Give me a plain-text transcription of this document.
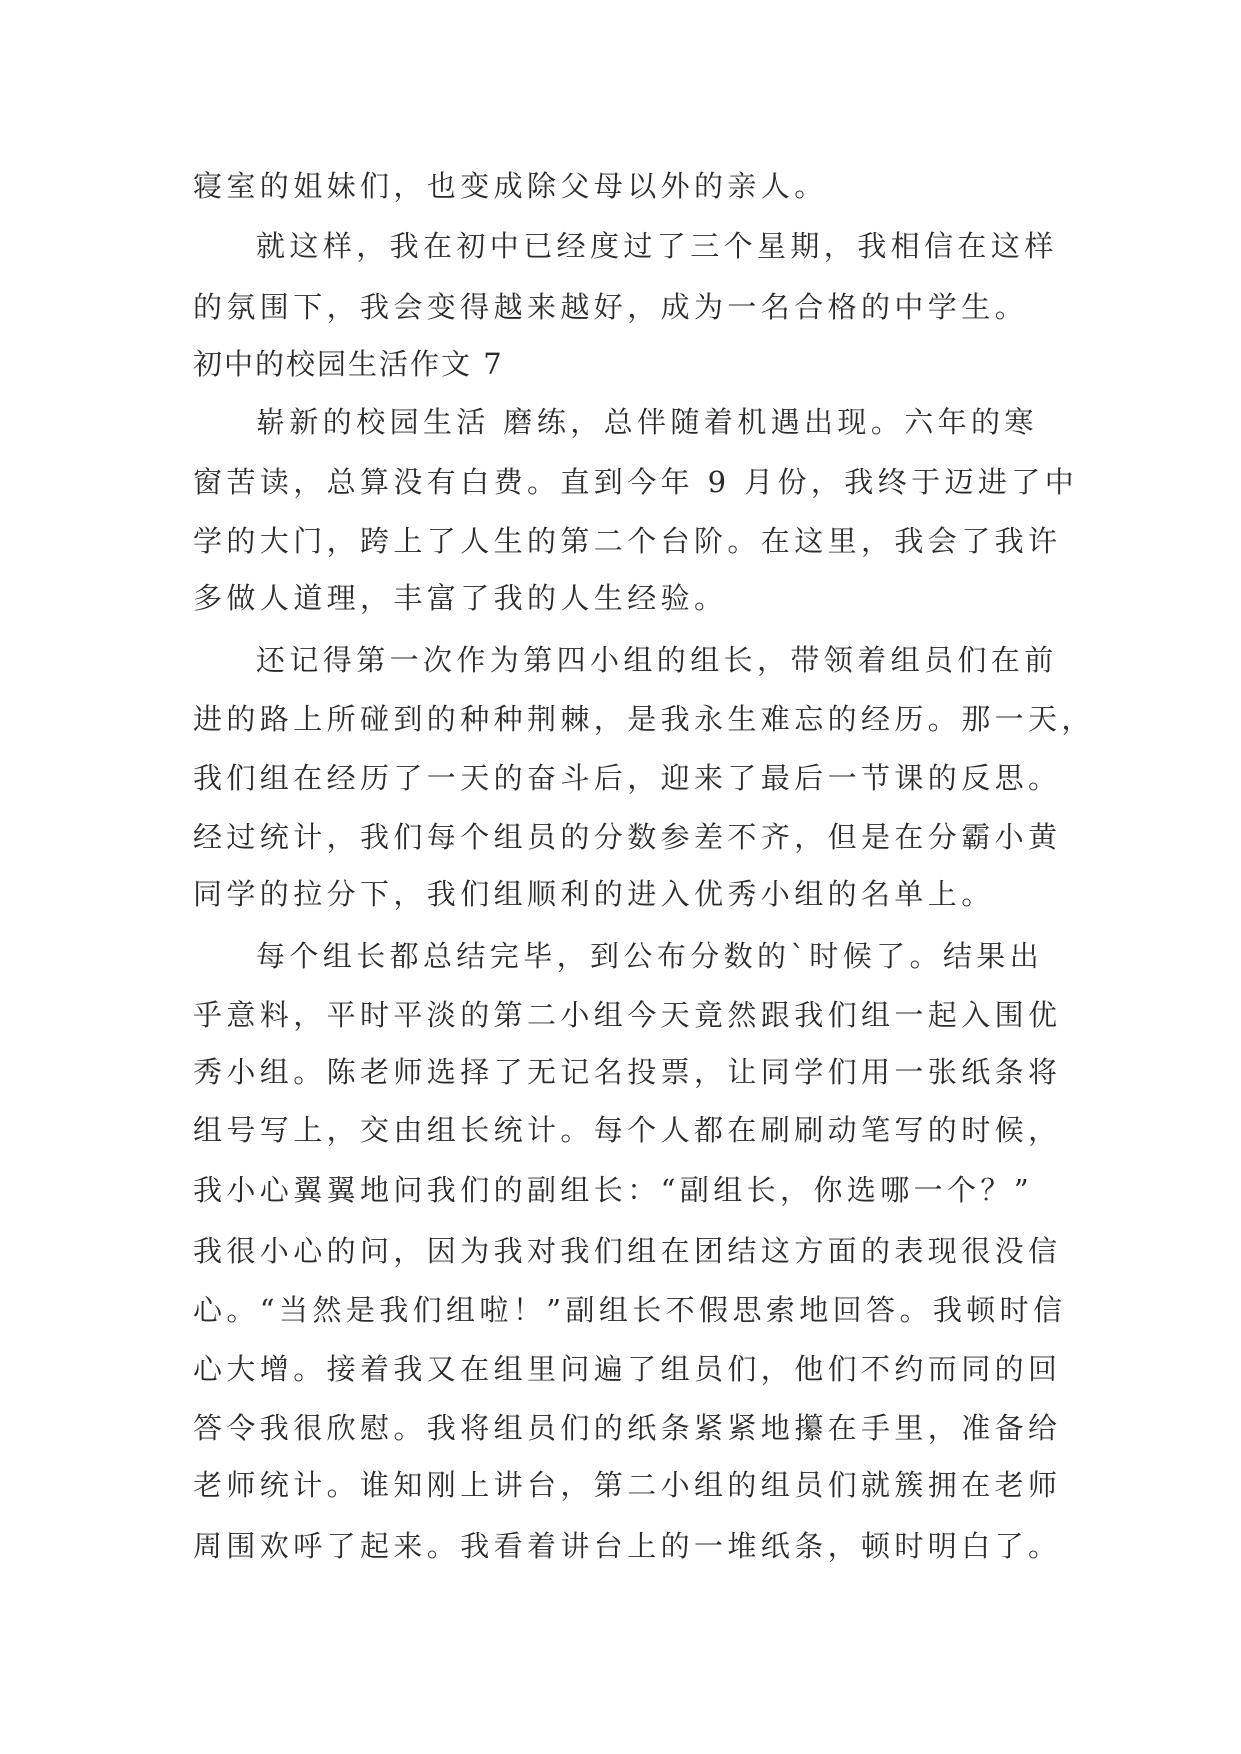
寝室的姐妹们，也变成除父母以外的亲人。
就这样，我在初中已经度过了三个星期，我相信在这样
的氛围下，我会变得越来越好，成为一名合格的中学生。
初中的校园生活作文 7
崭新的校园生活 磨练，总伴随着机遇出现。六年的寒
窗苦读，总算没有白费。直到今年 9 月份，我终于迈进了中
学的大门，跨上了人生的第二个台阶。在这里，我会了我许
多做人道理，丰富了我的人生经验。
还记得第一次作为第四小组的组长，带领着组员们在前
进的路上所碰到的种种荆棘，是我永生难忘的经历。那一天，
我们组在经历了一天的奋斗后，迎来了最后一节课的反思。
经过统计，我们每个组员的分数参差不齐，但是在分霸小黄
同学的拉分下，我们组顺利的进入优秀小组的名单上。
每个组长都总结完毕，到公布分数的`时候了。结果出
乎意料，平时平淡的第二小组今天竟然跟我们组一起入围优
秀小组。陈老师选择了无记名投票，让同学们用一张纸条将
组号写上，交由组长统计。每个人都在刷刷动笔写的时候，
我小心翼翼地问我们的副组长：“副组长，你选哪一个？”
我很小心的问，因为我对我们组在团结这方面的表现很没信
心。“当然是我们组啦！”副组长不假思索地回答。我顿时信
心大增。接着我又在组里问遍了组员们，他们不约而同的回
答令我很欣慰。我将组员们的纸条紧紧地攥在手里，准备给
老师统计。谁知刚上讲台，第二小组的组员们就簇拥在老师
周围欢呼了起来。我看着讲台上的一堆纸条，顿时明白了。
